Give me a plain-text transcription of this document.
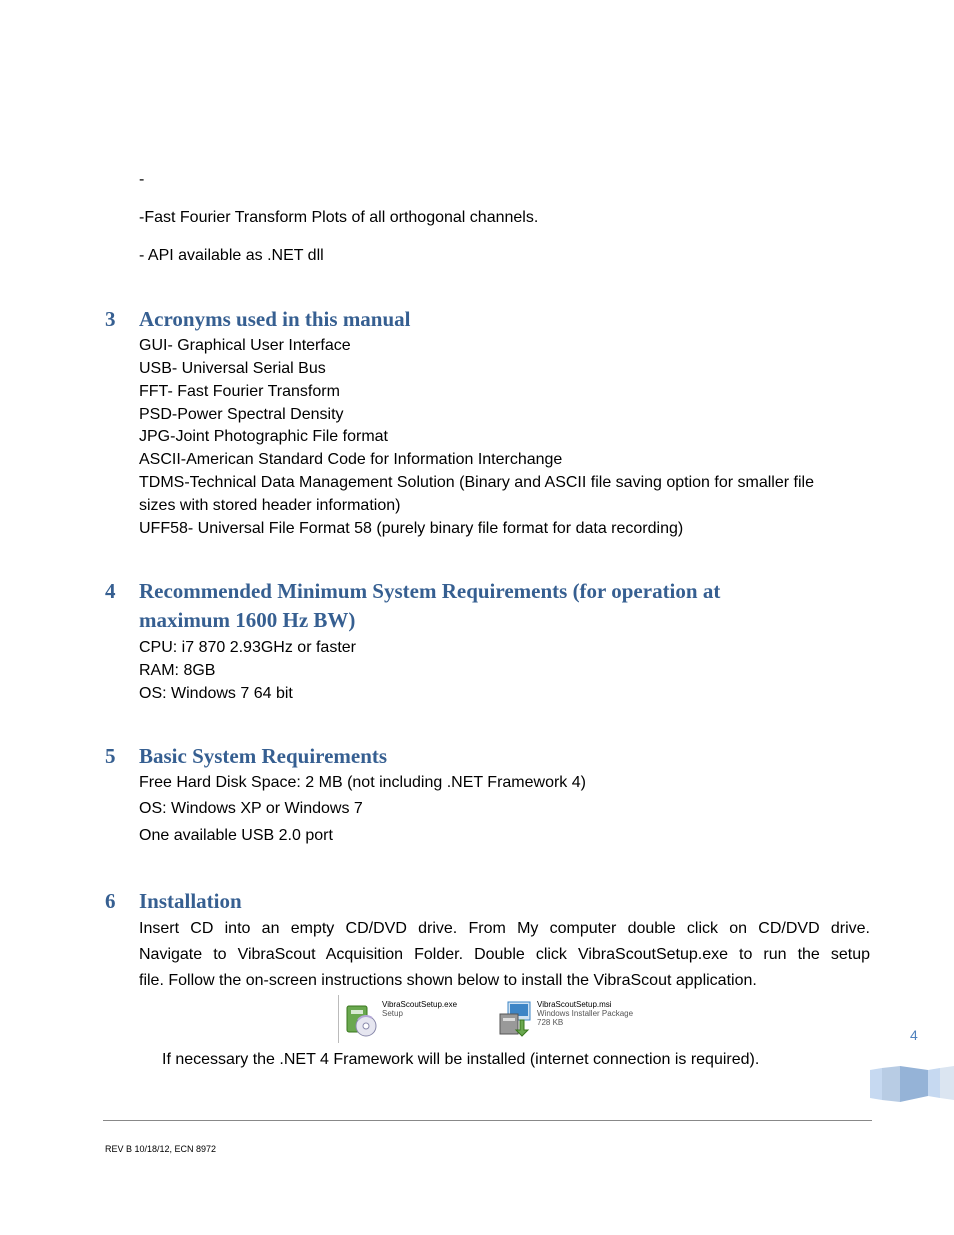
-
-Fast Fourier Transform Plots of all orthogonal channels.
- API available as .NET dll
3 Acronyms used in this manual
GUI- Graphical User Interface
USB- Universal Serial Bus
FFT- Fast Fourier Transform
PSD-Power Spectral Density
JPG-Joint Photographic File format
ASCII-American Standard Code for Information Interchange
TDMS-Technical Data Management Solution (Binary and ASCII file saving option for smaller file
sizes with stored header information)
UFF58- Universal File Format 58 (purely binary file format for data recording)
4 Recommended Minimum System Requirements (for operation at
maximum 1600 Hz BW)
CPU: i7 870 2.93GHz or faster
RAM: 8GB
OS: Windows 7 64 bit
5 Basic System Requirements
Free Hard Disk Space: 2 MB (not including .NET Framework 4)
OS: Windows XP or Windows 7
One available USB 2.0 port
6 Installation
Insert CD into an empty CD/DVD drive. From My computer double click on CD/DVD drive.
Navigate to VibraScout Acquisition Folder. Double click VibraScoutSetup.exe to run the setup
file. Follow the on-screen instructions shown below to install the VibraScout application.
VibraScoutSetup.exe
Setup
VibraScoutSetup.msi
Windows Installer Package
728 KB
If necessary the .NET 4 Framework will be installed (internet connection is required).
4
REV B 10/18/12, ECN 8972
